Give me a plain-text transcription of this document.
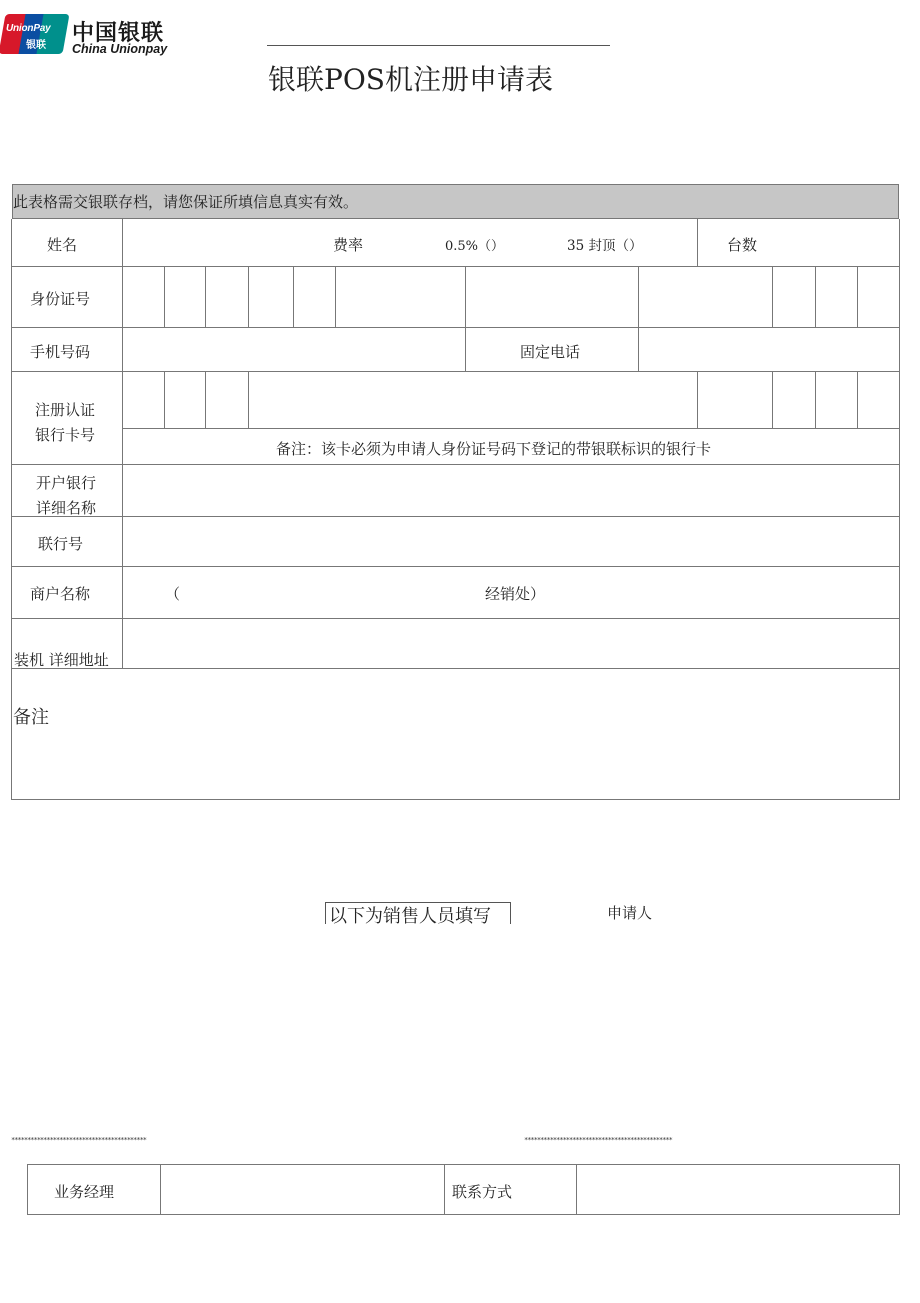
UnionPay
银联 中国银联
China Unionpay
银联POS机注册申请表
此表格需交银联存档，请您保证所填信息真实有效。
姓名	费率	0.5%（）	35 封顶（）	台数
身份证号
手机号码	固定电话
注册认证
银行卡号
备注：该卡必须为申请人身份证号码下登记的带银联标识的银行卡
开户银行
详细名称
联行号
商户名称	（	经销处）
装机 详细地址
备注
以下为销售人员填写	申请人
******************************************	**********************************************
业务经理	联系方式
